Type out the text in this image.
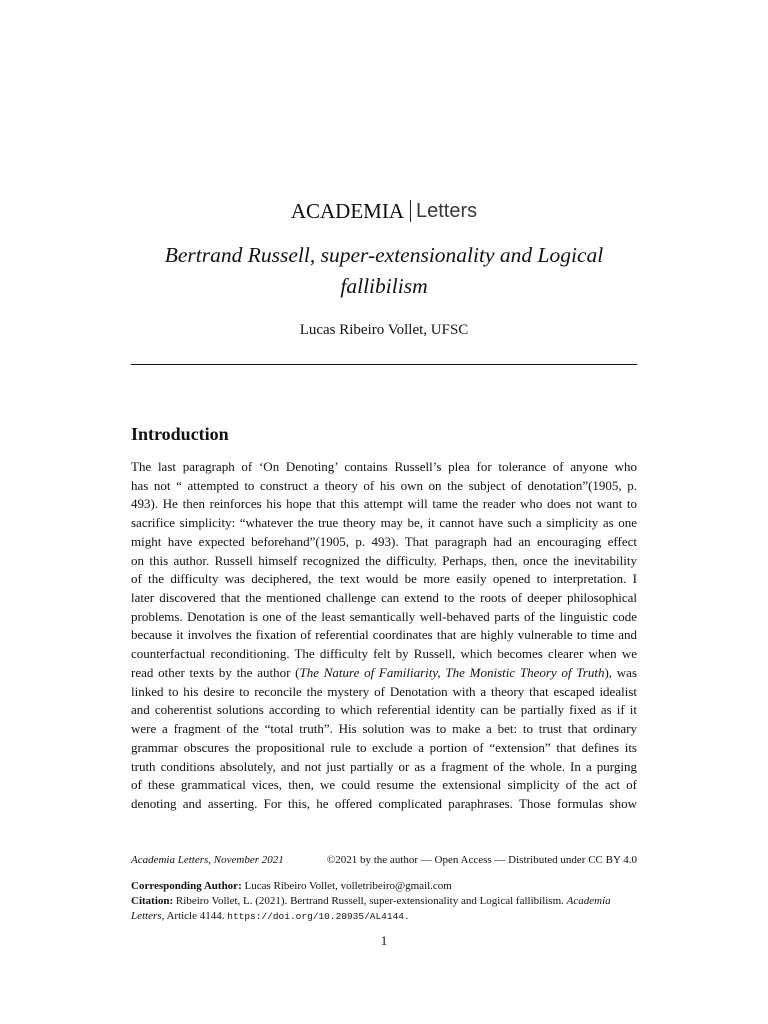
ACADEMIA Letters
Bertrand Russell, super-extensionality and Logical
fallibilism
Lucas Ribeiro Vollet, UFSC
Introduction
The last paragraph of ‘On Denoting’ contains Russell’s plea for tolerance of anyone who
has not “ attempted to construct a theory of his own on the subject of denotation”(1905, p.
493). He then reinforces his hope that this attempt will tame the reader who does not want to
sacrifice simplicity: “whatever the true theory may be, it cannot have such a simplicity as one
might have expected beforehand”(1905, p. 493). That paragraph had an encouraging effect
on this author. Russell himself recognized the difficulty. Perhaps, then, once the inevitability
of the difficulty was deciphered, the text would be more easily opened to interpretation. I
later discovered that the mentioned challenge can extend to the roots of deeper philosophical
problems. Denotation is one of the least semantically well-behaved parts of the linguistic code
because it involves the fixation of referential coordinates that are highly vulnerable to time and
counterfactual reconditioning. The difficulty felt by Russell, which becomes clearer when we
read other texts by the author (The Nature of Familiarity, The Monistic Theory of Truth), was
linked to his desire to reconcile the mystery of Denotation with a theory that escaped idealist
and coherentist solutions according to which referential identity can be partially fixed as if it
were a fragment of the “total truth”. His solution was to make a bet: to trust that ordinary
grammar obscures the propositional rule to exclude a portion of “extension” that defines its
truth conditions absolutely, and not just partially or as a fragment of the whole. In a purging
of these grammatical vices, then, we could resume the extensional simplicity of the act of
denoting and asserting. For this, he offered complicated paraphrases. Those formulas show
Academia Letters, November 2021	©2021 by the author — Open Access — Distributed under CC BY 4.0
Corresponding Author: Lucas Ribeiro Vollet, volletribeiro@gmail.com
Citation: Ribeiro Vollet, L. (2021). Bertrand Russell, super-extensionality and Logical fallibilism. Academia
Letters, Article 4144. https://doi.org/10.20935/AL4144.
1
